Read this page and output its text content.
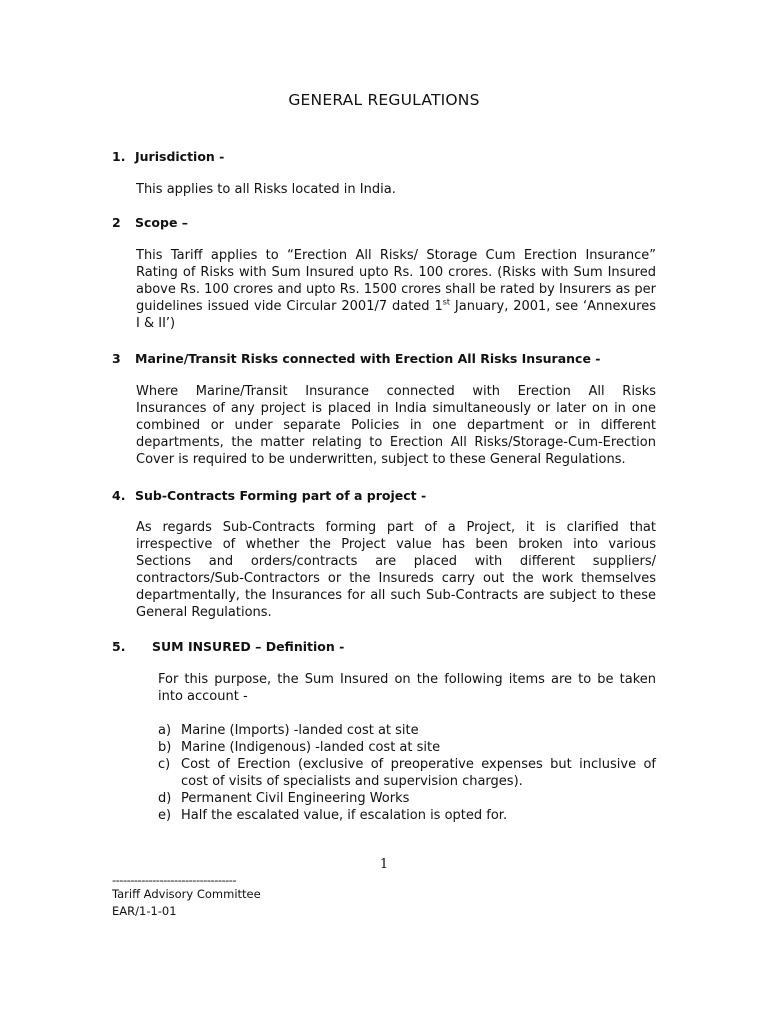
GENERAL REGULATIONS
1. Jurisdiction -
This applies to all Risks located in India.
2 Scope –
This Tariff applies to “Erection All Risks/ Storage Cum Erection Insurance”
Rating of Risks with Sum Insured upto Rs. 100 crores. (Risks with Sum Insured
above Rs. 100 crores and upto Rs. 1500 crores shall be rated by Insurers as per
guidelines issued vide Circular 2001/7 dated 1st January, 2001, see ‘Annexures
I & II’)
3 Marine/Transit Risks connected with Erection All Risks Insurance -
Where Marine/Transit Insurance connected with Erection All Risks
Insurances of any project is placed in India simultaneously or later on in one
combined or under separate Policies in one department or in different
departments, the matter relating to Erection All Risks/Storage-Cum-Erection
Cover is required to be underwritten, subject to these General Regulations.
4. Sub-Contracts Forming part of a project -
As regards Sub-Contracts forming part of a Project, it is clarified that
irrespective of whether the Project value has been broken into various
Sections and orders/contracts are placed with different suppliers/
contractors/Sub-Contractors or the Insureds carry out the work themselves
departmentally, the Insurances for all such Sub-Contracts are subject to these
General Regulations.
5. SUM INSURED – Definition -
For this purpose, the Sum Insured on the following items are to be taken
into account -
a) Marine (Imports) -landed cost at site
b) Marine (Indigenous) -landed cost at site
c) Cost of Erection (exclusive of preoperative expenses but inclusive of
cost of visits of specialists and supervision charges).
d) Permanent Civil Engineering Works
e) Half the escalated value, if escalation is opted for.
1
----------------------------------
Tariff Advisory Committee
EAR/1-1-01
